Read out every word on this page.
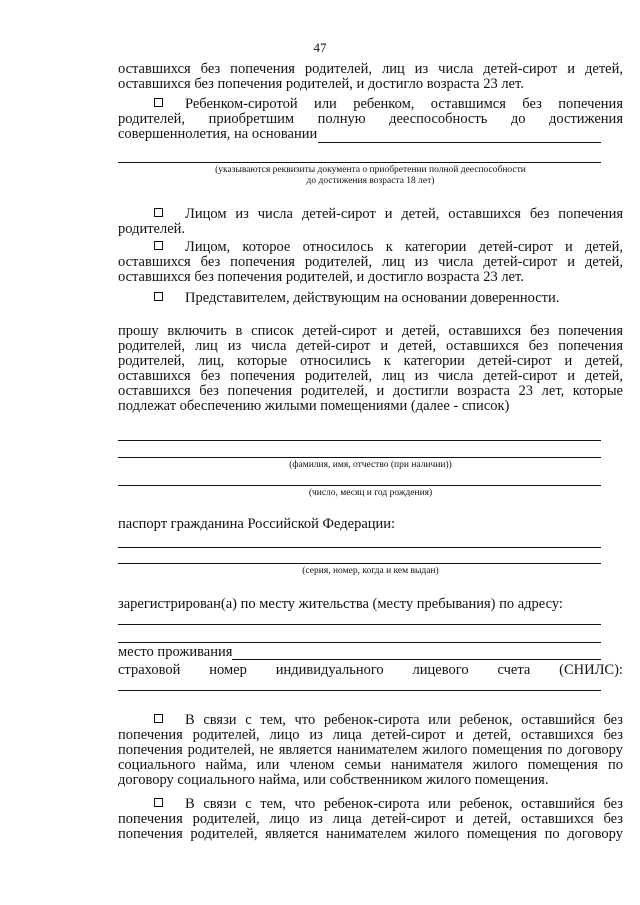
47
оставшихся без попечения родителей, лиц из числа детей-сирот и детей,
оставшихся без попечения родителей, и достигло возраста 23 лет.
Ребенком-сиротой или ребенком, оставшимся без попечения
родителей, приобретшим полную дееспособность до достижения
совершеннолетия, на основании
(указываются реквизиты документа о приобретении полной дееспособности
до достижения возраста 18 лет)
Лицом из числа детей-сирот и детей, оставшихся без попечения
родителей.
Лицом, которое относилось к категории детей-сирот и детей,
оставшихся без попечения родителей, лиц из числа детей-сирот и детей,
оставшихся без попечения родителей, и достигло возраста 23 лет.
Представителем, действующим на основании доверенности.
прошу включить в список детей-сирот и детей, оставшихся без попечения
родителей, лиц из числа детей-сирот и детей, оставшихся без попечения
родителей, лиц, которые относились к категории детей-сирот и детей,
оставшихся без попечения родителей, лиц из числа детей-сирот и детей,
оставшихся без попечения родителей, и достигли возраста 23 лет, которые
подлежат обеспечению жилыми помещениями (далее - список)
(фамилия, имя, отчество (при наличии))
(число, месяц и год рождения)
паспорт гражданина Российской Федерации:
(серия, номер, когда и кем выдан)
зарегистрирован(а) по месту жительства (месту пребывания) по адресу:
место проживания
страховой номер индивидуального лицевого счета (СНИЛС):
В связи с тем, что ребенок-сирота или ребенок, оставшийся без
попечения родителей, лицо из лица детей-сирот и детей, оставшихся без
попечения родителей, не является нанимателем жилого помещения по договору
социального найма, или членом семьи нанимателя жилого помещения по
договору социального найма, или собственником жилого помещения.
В связи с тем, что ребенок-сирота или ребенок, оставшийся без
попечения родителей, лицо из лица детей-сирот и детей, оставшихся без
попечения родителей, является нанимателем жилого помещения по договору
